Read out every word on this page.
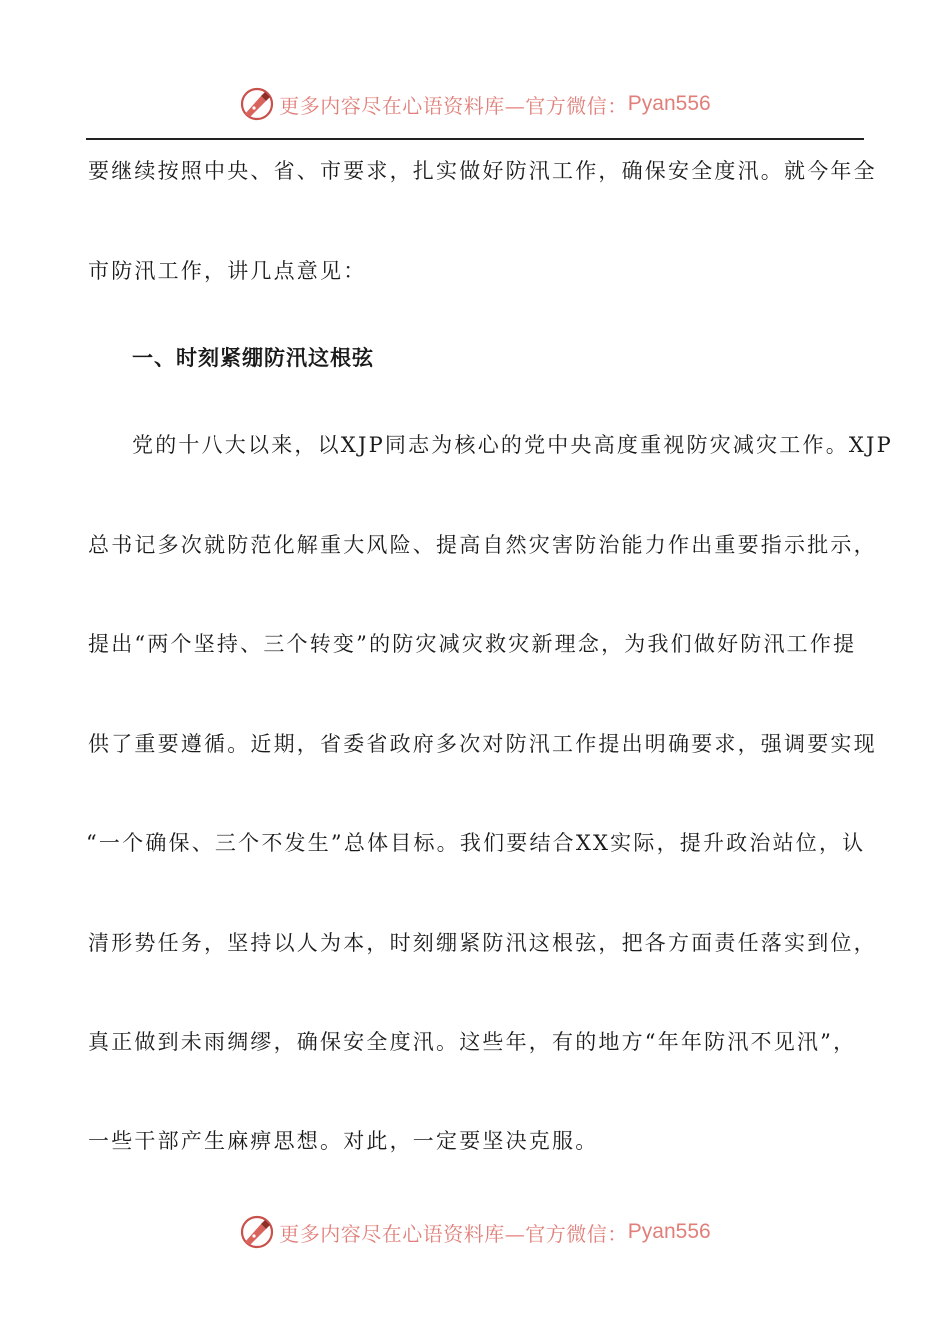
更多内容尽在心语资料库—官方微信： Pyan556
要继续按照中央、省、市要求，扎实做好防汛工作，确保安全度汛。就今年全
市防汛工作，讲几点意见：
一、时刻紧绷防汛这根弦
党的十八大以来，以XJP同志为核心的党中央高度重视防灾减灾工作。XJP
总书记多次就防范化解重大风险、提高自然灾害防治能力作出重要指示批示，
提出“两个坚持、三个转变”的防灾减灾救灾新理念，为我们做好防汛工作提
供了重要遵循。近期，省委省政府多次对防汛工作提出明确要求，强调要实现
“一个确保、三个不发生”总体目标。我们要结合XX实际，提升政治站位，认
清形势任务，坚持以人为本，时刻绷紧防汛这根弦，把各方面责任落实到位，
真正做到未雨绸缪，确保安全度汛。这些年，有的地方“年年防汛不见汛”，
一些干部产生麻痹思想。对此，一定要坚决克服。
更多内容尽在心语资料库—官方微信： Pyan556
